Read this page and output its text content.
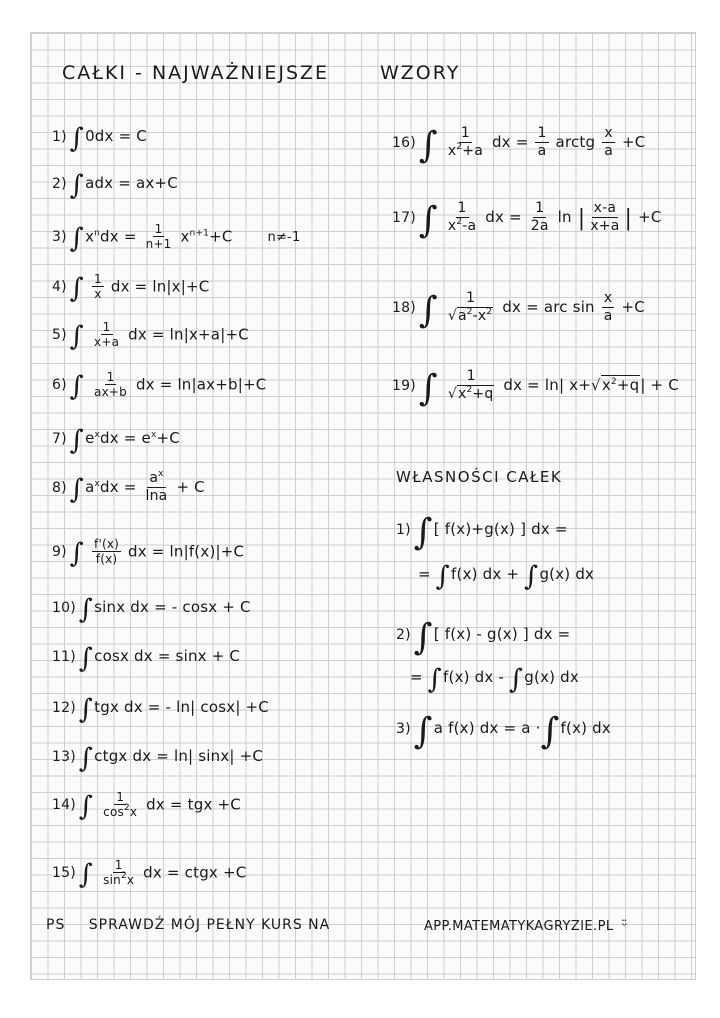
CAŁKI - NAJWAŻNIEJSZE	WZORY
1) ∫0dx = C
2) ∫adx = ax+C
3) $\int x^ndx = \frac{1}{n+1} x^{n+1}+C$	n≠-1
4) ∫ $\frac{1}{x}$ dx = ln|x|+C
5) ∫ $\frac{1}{x+a}$ dx = ln|x+a|+C
6) ∫ $\frac{1}{ax+b}$ dx = ln|ax+b|+C
7) $\int e^xdx = e^x+C$
8) $\int a^xdx = \frac{a^x}{\ln a} + C$
9) ∫ $\frac{f'(x)}{f(x)}$ dx = ln|f(x)|+C
10) ∫sinx dx = - cosx + C
11) ∫cosx dx = sinx + C
12) ∫tgx dx = - ln| cosx| +C
13) ∫ctgx dx = ln| sinx| +C
14) ∫ $\frac{1}{\cos^2x}$ dx = tgx +C
15) ∫ $\frac{1}{\sin^2x}$ dx = ctgx +C
$16)\int \frac{1}{x^2+a}$ dx = $\frac{1}{a}$ arctg $\frac{x}{a} +C$
$17)\int \frac{1}{x^2-a}$ dx = $\frac{1}{2a}$ ln | $\frac{x-a}{x+a}$ | +C
$18)\int \frac{1}{√a^2-x^2}$ dx = arc $\sin \frac{x}{a} +C$
$19)\int \frac{1}{√x^2+q}$ dx = ln| $x+√x^2+q| + C$
WŁASNOŚCI CAŁEK
1)∫[ f(x)+g(x) ] dx =
= ∫f(x) dx + ∫g(x) dx
2)∫[ f(x) - g(x) ] dx =
= ∫f(x) dx - ∫g(x) dx
3)∫a f(x) dx = a ·∫f(x) dx
PS SPRAWDŹ MÓJ PEŁNY KURS NA	APP.MATEMATYKAGRYZIE.PL ᵕ̈
